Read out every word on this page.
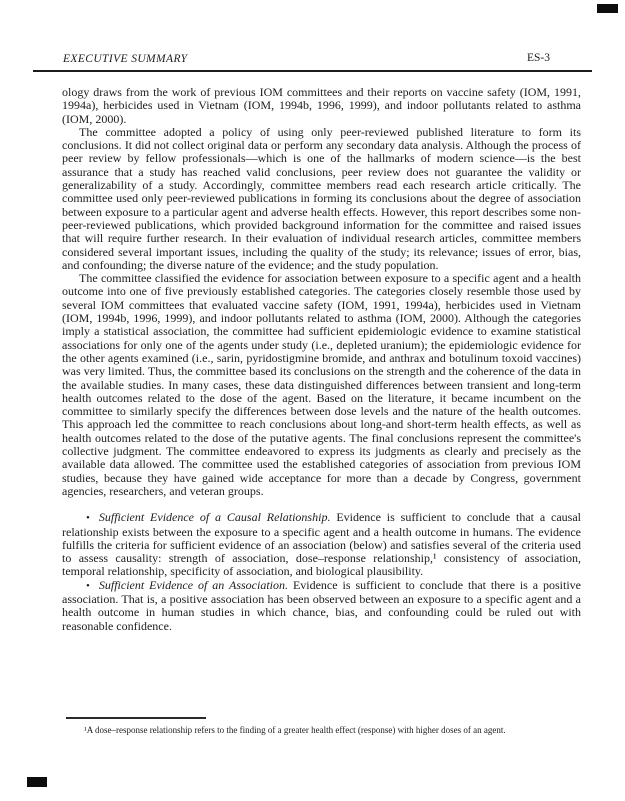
EXECUTIVE SUMMARY	ES-3

ology draws from the work of previous IOM committees and their reports on vaccine safety (IOM, 1991, 1994a), herbicides used in Vietnam (IOM, 1994b, 1996, 1999), and indoor pollutants related to asthma (IOM, 2000).

The committee adopted a policy of using only peer-reviewed published literature to form its conclusions. It did not collect original data or perform any secondary data analysis. Although the process of peer review by fellow professionals—which is one of the hallmarks of modern science—is the best assurance that a study has reached valid conclusions, peer review does not guarantee the validity or generalizability of a study. Accordingly, committee members read each research article critically. The committee used only peer-reviewed publications in forming its conclusions about the degree of association between exposure to a particular agent and adverse health effects. However, this report describes some non-peer-reviewed publications, which provided background information for the committee and raised issues that will require further research. In their evaluation of individual research articles, committee members considered several important issues, including the quality of the study; its relevance; issues of error, bias, and confounding; the diverse nature of the evidence; and the study population.

The committee classified the evidence for association between exposure to a specific agent and a health outcome into one of five previously established categories. The categories closely resemble those used by several IOM committees that evaluated vaccine safety (IOM, 1991, 1994a), herbicides used in Vietnam (IOM, 1994b, 1996, 1999), and indoor pollutants related to asthma (IOM, 2000). Although the categories imply a statistical association, the committee had sufficient epidemiologic evidence to examine statistical associations for only one of the agents under study (i.e., depleted uranium); the epidemiologic evidence for the other agents examined (i.e., sarin, pyridostigmine bromide, and anthrax and botulinum toxoid vaccines) was very limited. Thus, the committee based its conclusions on the strength and the coherence of the data in the available studies. In many cases, these data distinguished differences between transient and long-term health outcomes related to the dose of the agent. Based on the literature, it became incumbent on the committee to similarly specify the differences between dose levels and the nature of the health outcomes. This approach led the committee to reach conclusions about long-and short-term health effects, as well as health outcomes related to the dose of the putative agents. The final conclusions represent the committee's collective judgment. The committee endeavored to express its judgments as clearly and precisely as the available data allowed. The committee used the established categories of association from previous IOM studies, because they have gained wide acceptance for more than a decade by Congress, government agencies, researchers, and veteran groups.

• Sufficient Evidence of a Causal Relationship. Evidence is sufficient to conclude that a causal relationship exists between the exposure to a specific agent and a health outcome in humans. The evidence fulfills the criteria for sufficient evidence of an association (below) and satisfies several of the criteria used to assess causality: strength of association, dose–response relationship,¹ consistency of association, temporal relationship, specificity of association, and biological plausibility.

• Sufficient Evidence of an Association. Evidence is sufficient to conclude that there is a positive association. That is, a positive association has been observed between an exposure to a specific agent and a health outcome in human studies in which chance, bias, and confounding could be ruled out with reasonable confidence.

¹A dose–response relationship refers to the finding of a greater health effect (response) with higher doses of an agent.
